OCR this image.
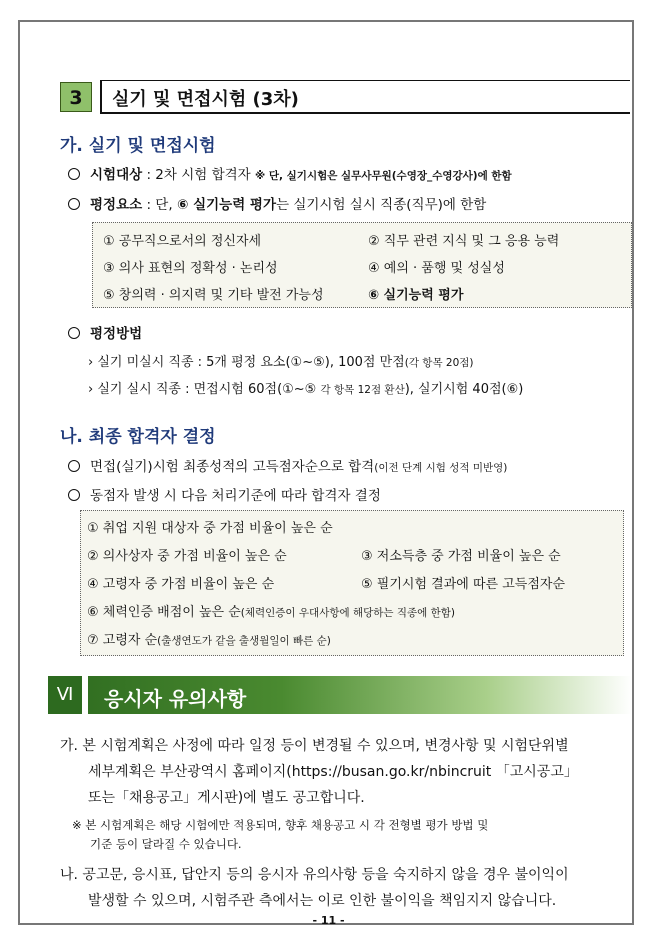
3	실기 및 면접시험 (3차)
가. 실기 및 면접시험
시험대상 : 2차 시험 합격자 ※ 단, 실기시험은 실무사무원(수영장_수영강사)에 한함
평정요소 : 단, ⑥ 실기능력 평가는 실기시험 실시 직종(직무)에 한함
① 공무직으로서의 정신자세	② 직무 관련 지식 및 그 응용 능력
③ 의사 표현의 정확성 · 논리성	④ 예의 · 품행 및 성실성
⑤ 창의력 · 의지력 및 기타 발전 가능성	⑥ 실기능력 평가
평정방법
› 실기 미실시 직종 : 5개 평정 요소(①~⑤), 100점 만점(각 항목 20점)
› 실기 실시 직종 : 면접시험 60점(①~⑤ 각 항목 12점 환산), 실기시험 40점(⑥)
나. 최종 합격자 결정
면접(실기)시험 최종성적의 고득점자순으로 합격(이전 단계 시험 성적 미반영)
동점자 발생 시 다음 처리기준에 따라 합격자 결정
① 취업 지원 대상자 중 가점 비율이 높은 순
② 의사상자 중 가점 비율이 높은 순	③ 저소득층 중 가점 비율이 높은 순
④ 고령자 중 가점 비율이 높은 순	⑤ 필기시험 결과에 따른 고득점자순
⑥ 체력인증 배점이 높은 순(체력인증이 우대사항에 해당하는 직종에 한함)
⑦ 고령자 순(출생연도가 같을 출생월일이 빠른 순)
Ⅵ	응시자 유의사항
가. 본 시험계획은 사정에 따라 일정 등이 변경될 수 있으며, 변경사항 및 시험단위별
세부계획은 부산광역시 홈페이지(https://busan.go.kr/nbincruit 「고시공고」
또는「채용공고」게시판)에 별도 공고합니다.
※ 본 시험계획은 해당 시험에만 적용되며, 향후 채용공고 시 각 전형별 평가 방법 및
기준 등이 달라질 수 있습니다.
나. 공고문, 응시표, 답안지 등의 응시자 유의사항 등을 숙지하지 않을 경우 불이익이
발생할 수 있으며, 시험주관 측에서는 이로 인한 불이익을 책임지지 않습니다.
- 11 -
